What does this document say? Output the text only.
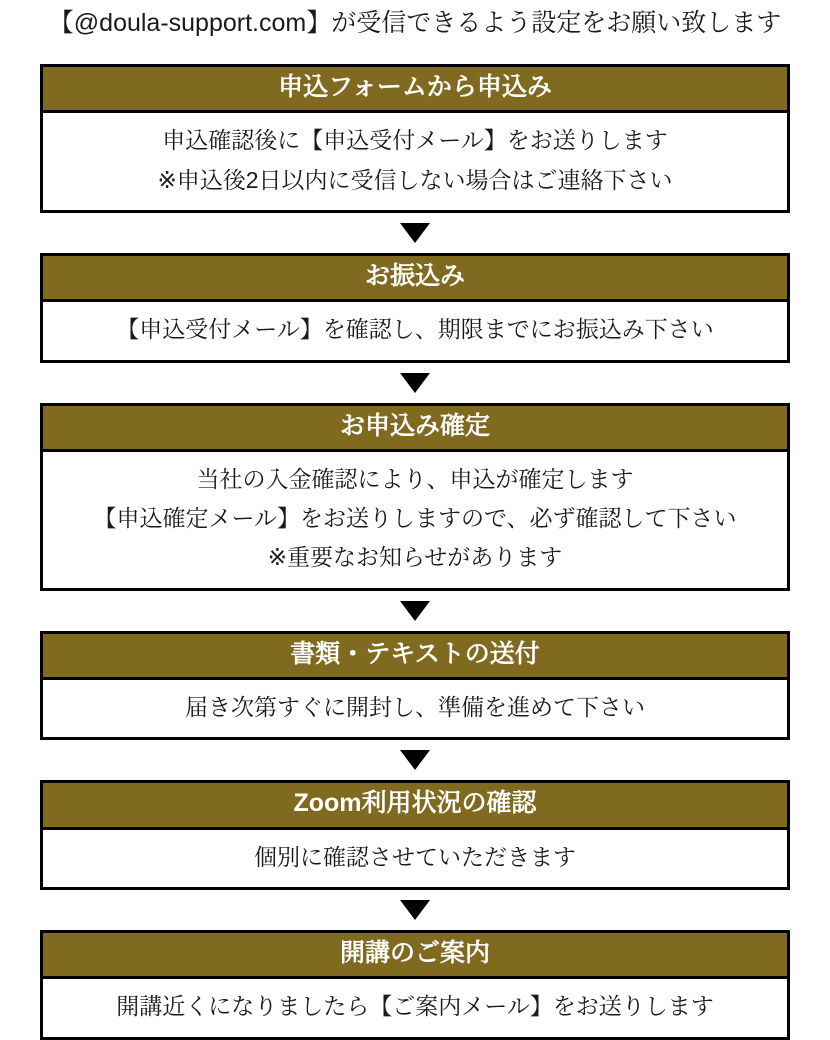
【@doula-support.com】が受信できるよう設定をお願い致します
申込フォームから申込み
申込確認後に【申込受付メール】をお送りします
※申込後2日以内に受信しない場合はご連絡下さい
お振込み
【申込受付メール】を確認し、期限までにお振込み下さい
お申込み確定
当社の入金確認により、申込が確定します
【申込確定メール】をお送りしますので、必ず確認して下さい
※重要なお知らせがあります
書類・テキストの送付
届き次第すぐに開封し、準備を進めて下さい
Zoom利用状況の確認
個別に確認させていただきます
開講のご案内
開講近くになりましたら【ご案内メール】をお送りします
